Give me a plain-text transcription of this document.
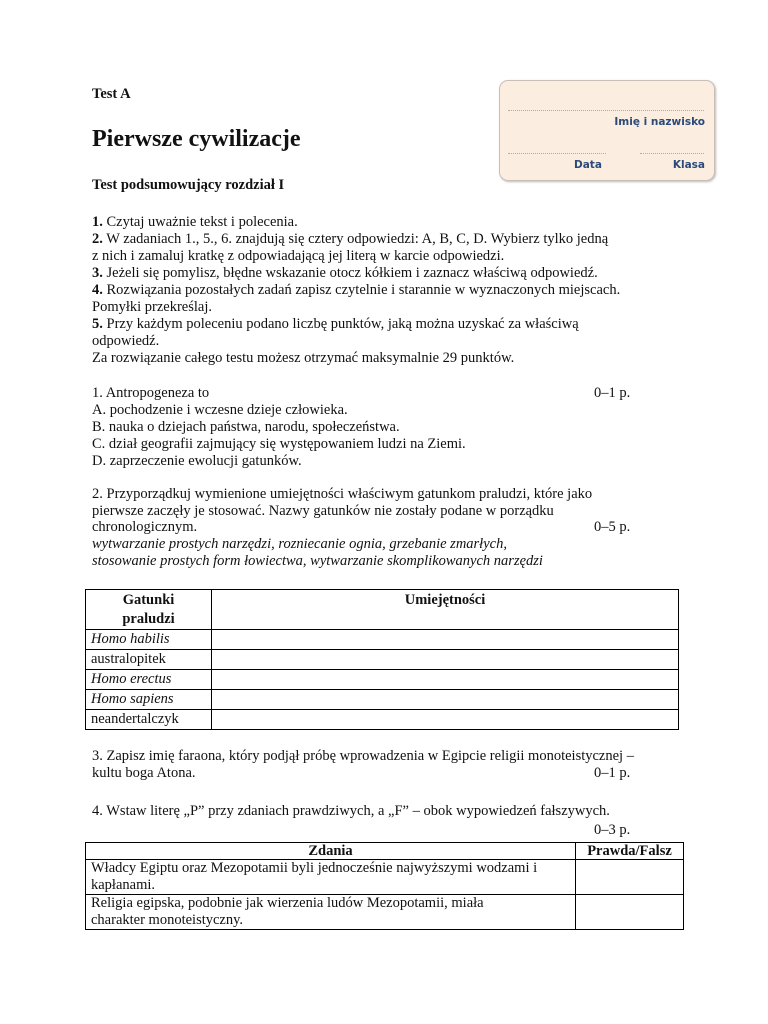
Test A
Pierwsze cywilizacje
Test podsumowujący rozdział I
Imię i nazwisko
Data	Klasa
1. Czytaj uważnie tekst i polecenia.
2. W zadaniach 1., 5., 6. znajdują się cztery odpowiedzi: A, B, C, D. Wybierz tylko jedną
z nich i zamaluj kratkę z odpowiadającą jej literą w karcie odpowiedzi.
3. Jeżeli się pomylisz, błędne wskazanie otocz kółkiem i zaznacz właściwą odpowiedź.
4. Rozwiązania pozostałych zadań zapisz czytelnie i starannie w wyznaczonych miejscach.
Pomyłki przekreślaj.
5. Przy każdym poleceniu podano liczbę punktów, jaką można uzyskać za właściwą
odpowiedź.
Za rozwiązanie całego testu możesz otrzymać maksymalnie 29 punktów.
1. Antropogeneza to	0–1 p.
A. pochodzenie i wczesne dzieje człowieka.
B. nauka o dziejach państwa, narodu, społeczeństwa.
C. dział geografii zajmujący się występowaniem ludzi na Ziemi.
D. zaprzeczenie ewolucji gatunków.
2. Przyporządkuj wymienione umiejętności właściwym gatunkom praludzi, które jako
pierwsze zaczęły je stosować. Nazwy gatunków nie zostały podane w porządku
chronologicznym.	0–5 p.
wytwarzanie prostych narzędzi, rozniecanie ognia, grzebanie zmarłych,
stosowanie prostych form łowiectwa, wytwarzanie skomplikowanych narzędzi
Gatunki
praludzi	Umiejętności
Homo habilis	
australopitek	
Homo erectus	
Homo sapiens	
neandertalczyk	
3. Zapisz imię faraona, który podjął próbę wprowadzenia w Egipcie religii monoteistycznej –
kultu boga Atona.	0–1 p.
4. Wstaw literę „P” przy zdaniach prawdziwych, a „F” – obok wypowiedzeń fałszywych.
0–3 p.
Zdania	Prawda/Falsz

Władcy Egiptu oraz Mezopotamii byli jednocześnie najwyższymi wodzami i
kapłanami.	

Religia egipska, podobnie jak wierzenia ludów Mezopotamii, miała
charakter monoteistyczny.	
